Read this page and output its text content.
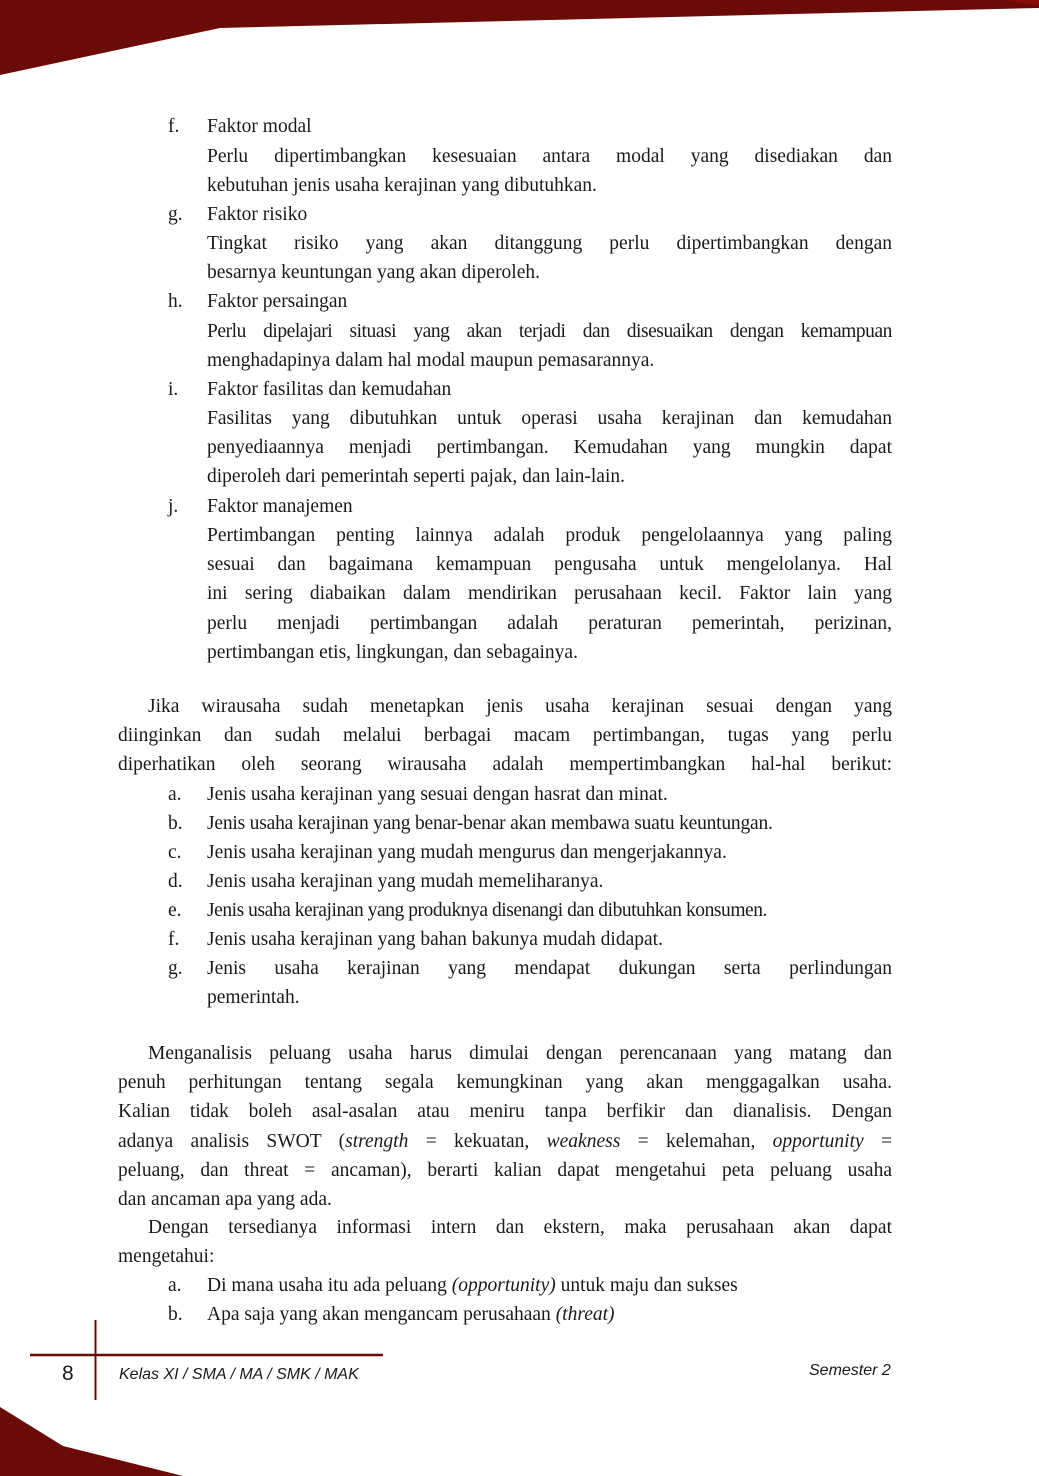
f.	Faktor modal
Perlu dipertimbangkan kesesuaian antara modal yang disediakan dan
kebutuhan jenis usaha kerajinan yang dibutuhkan.
g.	Faktor risiko
Tingkat risiko yang akan ditanggung perlu dipertimbangkan dengan
besarnya keuntungan yang akan diperoleh.
h.	Faktor persaingan
Perlu dipelajari situasi yang akan terjadi dan disesuaikan dengan kemampuan
menghadapinya dalam hal modal maupun pemasarannya.
i.	Faktor fasilitas dan kemudahan
Fasilitas yang dibutuhkan untuk operasi usaha kerajinan dan kemudahan
penyediaannya menjadi pertimbangan. Kemudahan yang mungkin dapat
diperoleh dari pemerintah seperti pajak, dan lain-lain.
j.	Faktor manajemen
Pertimbangan penting lainnya adalah produk pengelolaannya yang paling
sesuai dan bagaimana kemampuan pengusaha untuk mengelolanya. Hal
ini sering diabaikan dalam mendirikan perusahaan kecil. Faktor lain yang
perlu menjadi pertimbangan adalah peraturan pemerintah, perizinan,
pertimbangan etis, lingkungan, dan sebagainya.
Jika wirausaha sudah menetapkan jenis usaha kerajinan sesuai dengan yang
diinginkan dan sudah melalui berbagai macam pertimbangan, tugas yang perlu
diperhatikan oleh seorang wirausaha adalah mempertimbangkan hal-hal berikut:
a.	Jenis usaha kerajinan yang sesuai dengan hasrat dan minat.
b.	Jenis usaha kerajinan yang benar-benar akan membawa suatu keuntungan.
c.	Jenis usaha kerajinan yang mudah mengurus dan mengerjakannya.
d.	Jenis usaha kerajinan yang mudah memeliharanya.
e.	Jenis usaha kerajinan yang produknya disenangi dan dibutuhkan konsumen.
f.	Jenis usaha kerajinan yang bahan bakunya mudah didapat.
g.	Jenis usaha kerajinan yang mendapat dukungan serta perlindungan
pemerintah.
Menganalisis peluang usaha harus dimulai dengan perencanaan yang matang dan
penuh perhitungan tentang segala kemungkinan yang akan menggagalkan usaha.
Kalian tidak boleh asal-asalan atau meniru tanpa berfikir dan dianalisis. Dengan
adanya analisis SWOT (strength = kekuatan, weakness = kelemahan, opportunity =
peluang, dan threat = ancaman), berarti kalian dapat mengetahui peta peluang usaha
dan ancaman apa yang ada.
Dengan tersedianya informasi intern dan ekstern, maka perusahaan akan dapat
mengetahui:
a.	Di mana usaha itu ada peluang (opportunity) untuk maju dan sukses
b.	Apa saja yang akan mengancam perusahaan (threat)
8	Kelas XI / SMA / MA / SMK / MAK	Semester 2
